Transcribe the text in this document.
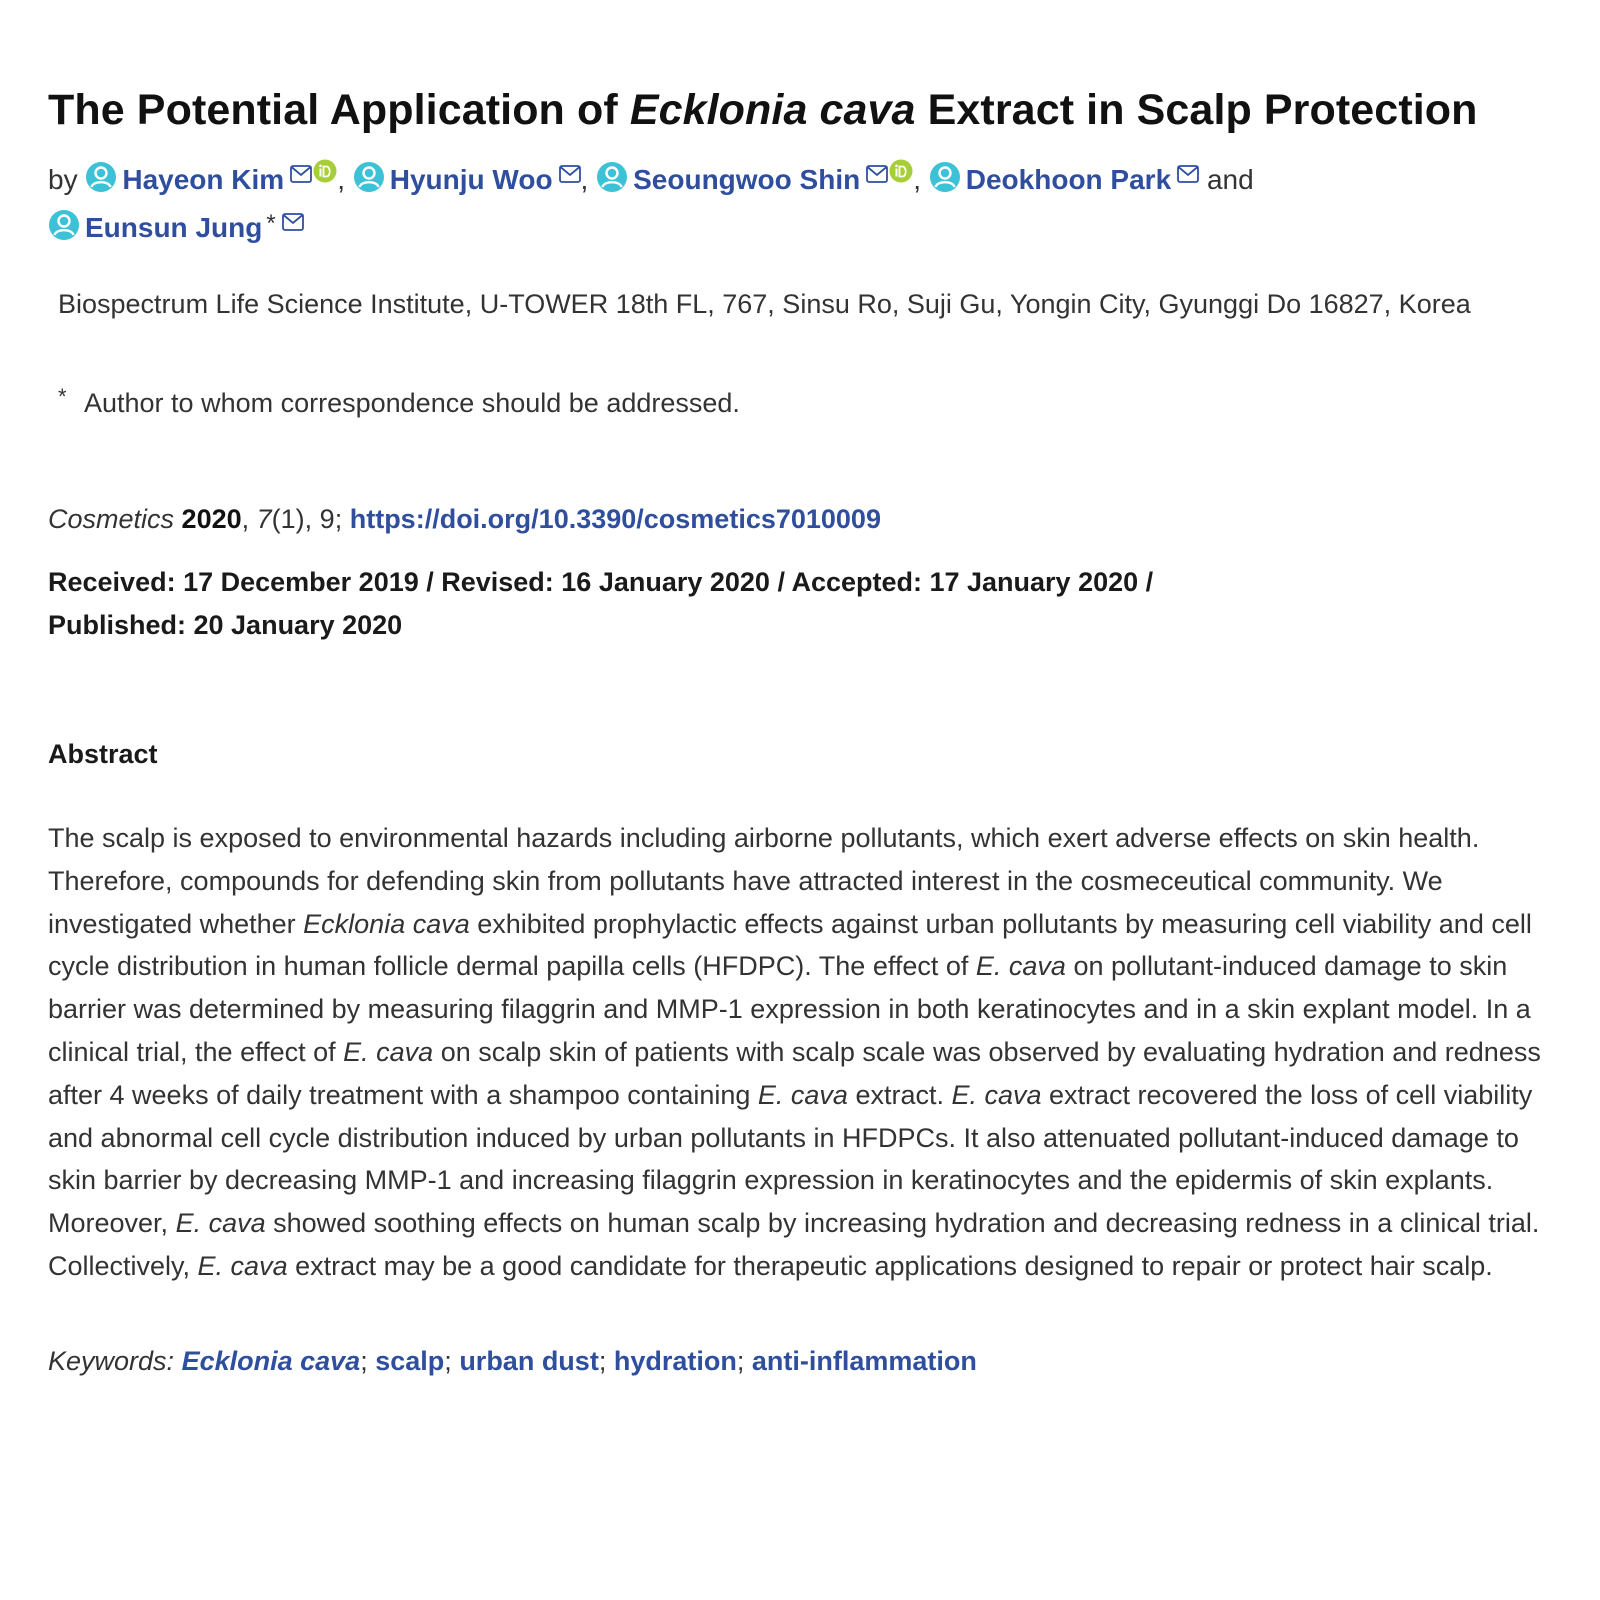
The Potential Application of Ecklonia cava Extract in Scalp Protection
by Hayeon Kim , Hyunju Woo , Seoungwoo Shin , Deokhoon Park and

Eunsun Jung *

Biospectrum Life Science Institute, U-TOWER 18th FL, 767, Sinsu Ro, Suji Gu, Yongin City, Gyunggi Do 16827, Korea

* Author to whom correspondence should be addressed.
Cosmetics 2020, 7(1), 9; https://doi.org/10.3390/cosmetics7010009

Received: 17 December 2019 / Revised: 16 January 2020 / Accepted: 17 January 2020 /
Published: 20 January 2020

Abstract

The scalp is exposed to environmental hazards including airborne pollutants, which exert adverse effects on skin health. Therefore, compounds for defending skin from pollutants have attracted interest in the cosmeceutical community. We investigated whether Ecklonia cava exhibited prophylactic effects against urban pollutants by measuring cell viability and cell cycle distribution in human follicle dermal papilla cells (HFDPC). The effect of E. cava on pollutant-induced damage to skin barrier was determined by measuring filaggrin and MMP-1 expression in both keratinocytes and in a skin explant model. In a clinical trial, the effect of E. cava on scalp skin of patients with scalp scale was observed by evaluating hydration and redness after 4 weeks of daily treatment with a shampoo containing E. cava extract. E. cava extract recovered the loss of cell viability and abnormal cell cycle distribution induced by urban pollutants in HFDPCs. It also attenuated pollutant-induced damage to skin barrier by decreasing MMP-1 and increasing filaggrin expression in keratinocytes and the epidermis of skin explants. Moreover, E. cava showed soothing effects on human scalp by increasing hydration and decreasing redness in a clinical trial. Collectively, E. cava extract may be a good candidate for therapeutic applications designed to repair or protect hair scalp.

Keywords: Ecklonia cava; scalp; urban dust; hydration; anti-inflammation
